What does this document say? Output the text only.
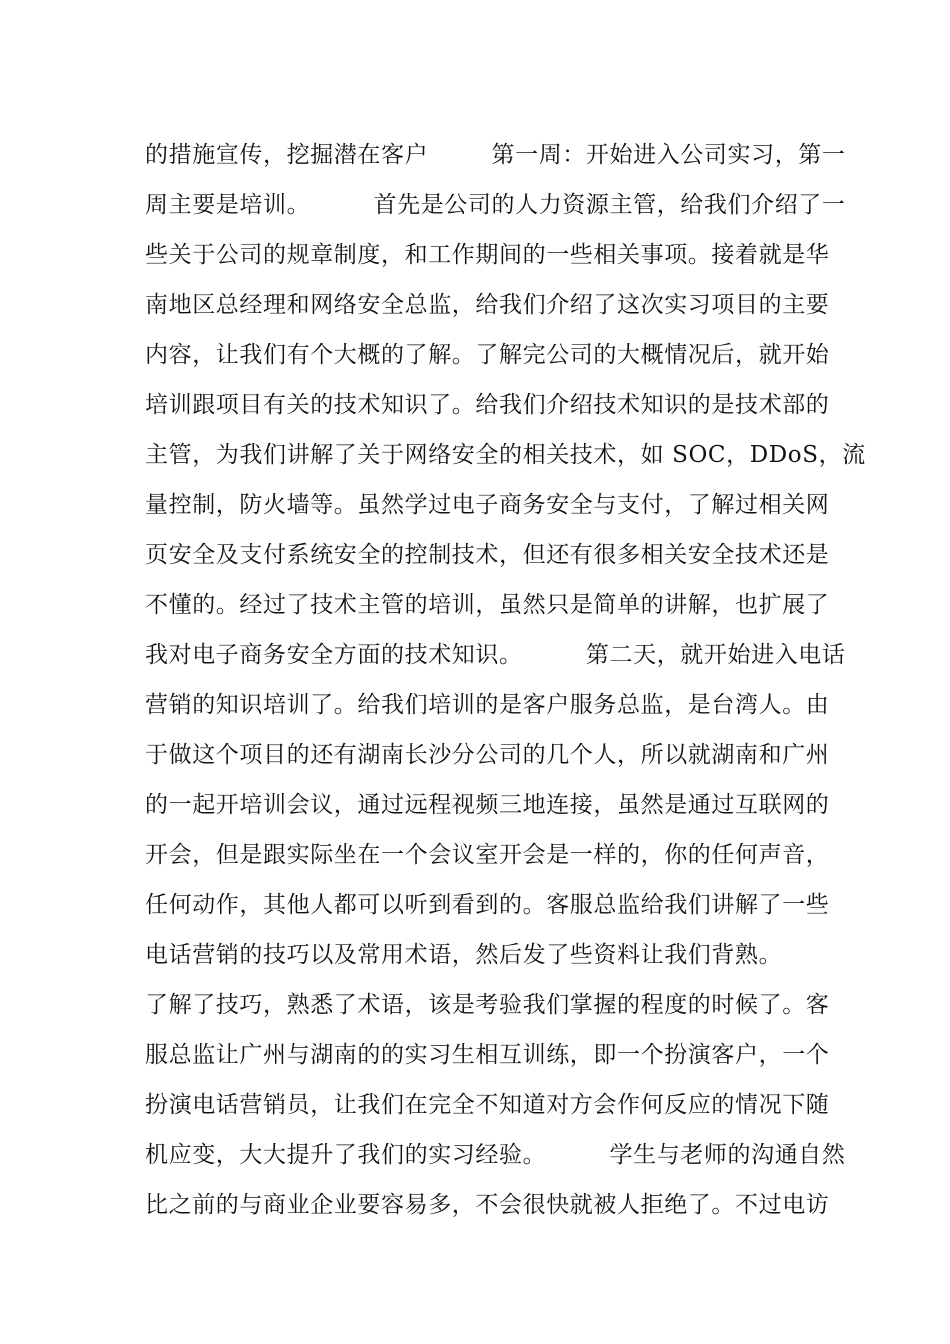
的措施宣传，挖掘潜在客户        第一周：开始进入公司实习，第一
周主要是培训。        首先是公司的人力资源主管，给我们介绍了一
些关于公司的规章制度，和工作期间的一些相关事项。接着就是华
南地区总经理和网络安全总监，给我们介绍了这次实习项目的主要
内容，让我们有个大概的了解。了解完公司的大概情况后，就开始
培训跟项目有关的技术知识了。给我们介绍技术知识的是技术部的
主管，为我们讲解了关于网络安全的相关技术，如 SOC，DDoS，流
量控制，防火墙等。虽然学过电子商务安全与支付，了解过相关网
页安全及支付系统安全的控制技术，但还有很多相关安全技术还是
不懂的。经过了技术主管的培训，虽然只是简单的讲解，也扩展了
我对电子商务安全方面的技术知识。        第二天，就开始进入电话
营销的知识培训了。给我们培训的是客户服务总监，是台湾人。由
于做这个项目的还有湖南长沙分公司的几个人，所以就湖南和广州
的一起开培训会议，通过远程视频三地连接，虽然是通过互联网的
开会，但是跟实际坐在一个会议室开会是一样的，你的任何声音，
任何动作，其他人都可以听到看到的。客服总监给我们讲解了一些
电话营销的技巧以及常用术语，然后发了些资料让我们背熟。
了解了技巧，熟悉了术语，该是考验我们掌握的程度的时候了。客
服总监让广州与湖南的的实习生相互训练，即一个扮演客户，一个
扮演电话营销员，让我们在完全不知道对方会作何反应的情况下随
机应变，大大提升了我们的实习经验。        学生与老师的沟通自然
比之前的与商业企业要容易多，不会很快就被人拒绝了。不过电访
